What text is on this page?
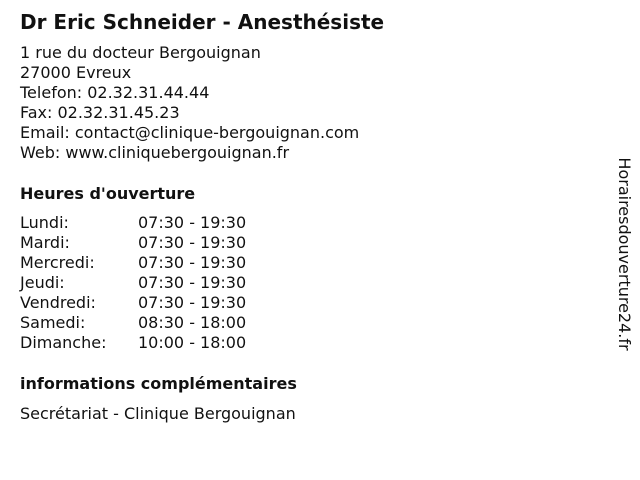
Dr Eric Schneider - Anesthésiste
1 rue du docteur Bergouignan
27000 Evreux
Telefon: 02.32.31.44.44
Fax: 02.32.31.45.23
Email: contact@clinique-bergouignan.com
Web: www.cliniquebergouignan.fr
Heures d'ouverture
Lundi:	07:30 - 19:30
Mardi:	07:30 - 19:30
Mercredi:	07:30 - 19:30
Jeudi:	07:30 - 19:30
Vendredi:	07:30 - 19:30
Samedi:	08:30 - 18:00
Dimanche:	10:00 - 18:00
informations complémentaires
Secrétariat - Clinique Bergouignan
Horairesdouverture24.fr
